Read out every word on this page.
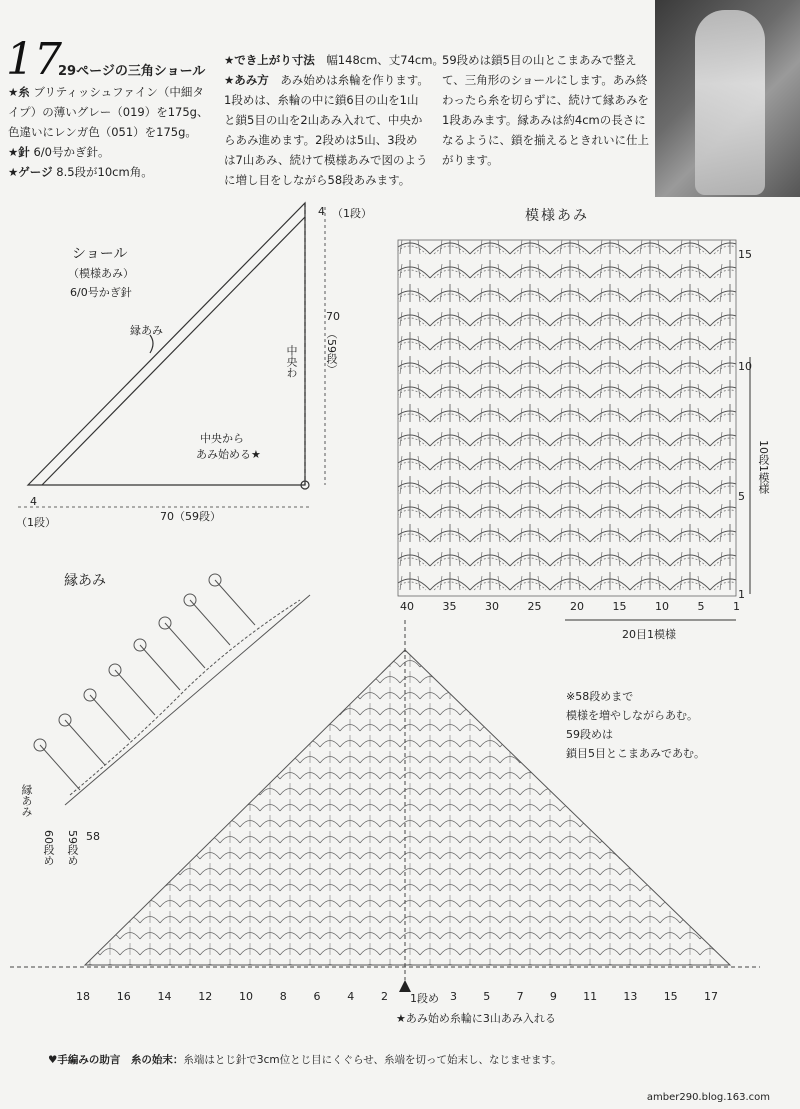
17
29ページの三角ショール

★糸 ブリティッシュファイン（中細タ

イプ）の薄いグレー（019）を175g、

色違いにレンガ色（051）を175g。

★針 6/0号かぎ針。

★ゲージ 8.5段が10cm角。

★でき上がり寸法　 幅148cm、丈74cm。

★あみ方　 あみ始めは糸輪を作ります。

1段めは、糸輪の中に鎖6目の山を1山

と鎖5目の山を2山あみ入れて、中央か

らあみ進めます。2段めは5山、3段め

は7山あみ、続けて模様あみで図のよう

に増し目をしながら58段あみます。

59段めは鎖5目の山とこまあみで整え

て、三角形のショールにします。あみ終

わったら糸を切らずに、続けて縁あみを

1段あみます。縁あみは約4cmの長さに

なるように、鎖を揃えるときれいに仕上

がります。

ショール
（模様あみ）
6/0号かぎ針
縁あみ
中央わ
中央から
あみ始める★
4 （1段）
70
（59段）
4
（1段）	70（59段）
模様あみ
15
10
5
1
10段1模様
40	35	30	25	20	15	10	5	1
20目1模様
縁あみ
縁あみ
60段め 59段め 58
※58段めまで
模様を増やしながらあむ。
59段めは
鎖目5目とこまあみであむ。
18 16 14 12 10 8 6 4 2 1段め 3 5 7 9 11 13 15 17
★あみ始め糸輪に3山あみ入れる
♥手編みの助言　 糸の始末：糸端はとじ針で3cm位とじ目にくぐらせ、糸端を切って始末し、なじませます。
amber290.blog.163.com
